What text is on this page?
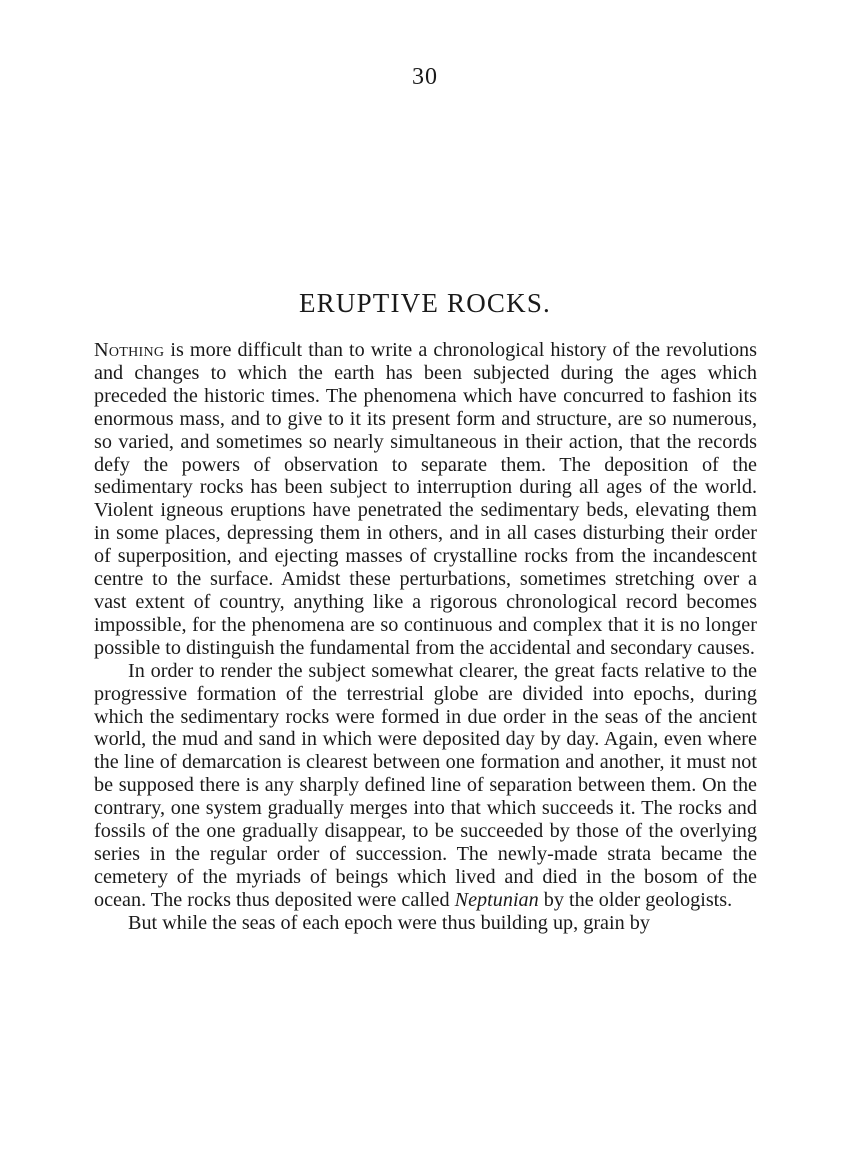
30
ERUPTIVE ROCKS.

Nothing is more difficult than to write a chronological history of the revolutions and changes to which the earth has been subjected during the ages which preceded the historic times. The phenomena which have concurred to fashion its enormous mass, and to give to it its present form and structure, are so numerous, so varied, and sometimes so nearly simultaneous in their action, that the records defy the powers of observation to separate them. The deposition of the sedimentary rocks has been subject to interruption during all ages of the world. Violent igneous eruptions have penetrated the sedimentary beds, elevating them in some places, depressing them in others, and in all cases disturbing their order of superposition, and ejecting masses of crystalline rocks from the incandescent centre to the surface. Amidst these perturbations, sometimes stretching over a vast extent of country, anything like a rigorous chronological record becomes impossible, for the phenomena are so continuous and complex that it is no longer possible to distinguish the fundamental from the accidental and secondary causes.

In order to render the subject somewhat clearer, the great facts relative to the progressive formation of the terrestrial globe are divided into epochs, during which the sedimentary rocks were formed in due order in the seas of the ancient world, the mud and sand in which were deposited day by day. Again, even where the line of demarcation is clearest between one formation and another, it must not be supposed there is any sharply defined line of separation between them. On the contrary, one system gradually merges into that which succeeds it. The rocks and fossils of the one gradually disappear, to be succeeded by those of the overlying series in the regular order of succession. The newly-made strata became the cemetery of the myriads of beings which lived and died in the bosom of the ocean. The rocks thus deposited were called Neptunian by the older geologists.

But while the seas of each epoch were thus building up, grain by
